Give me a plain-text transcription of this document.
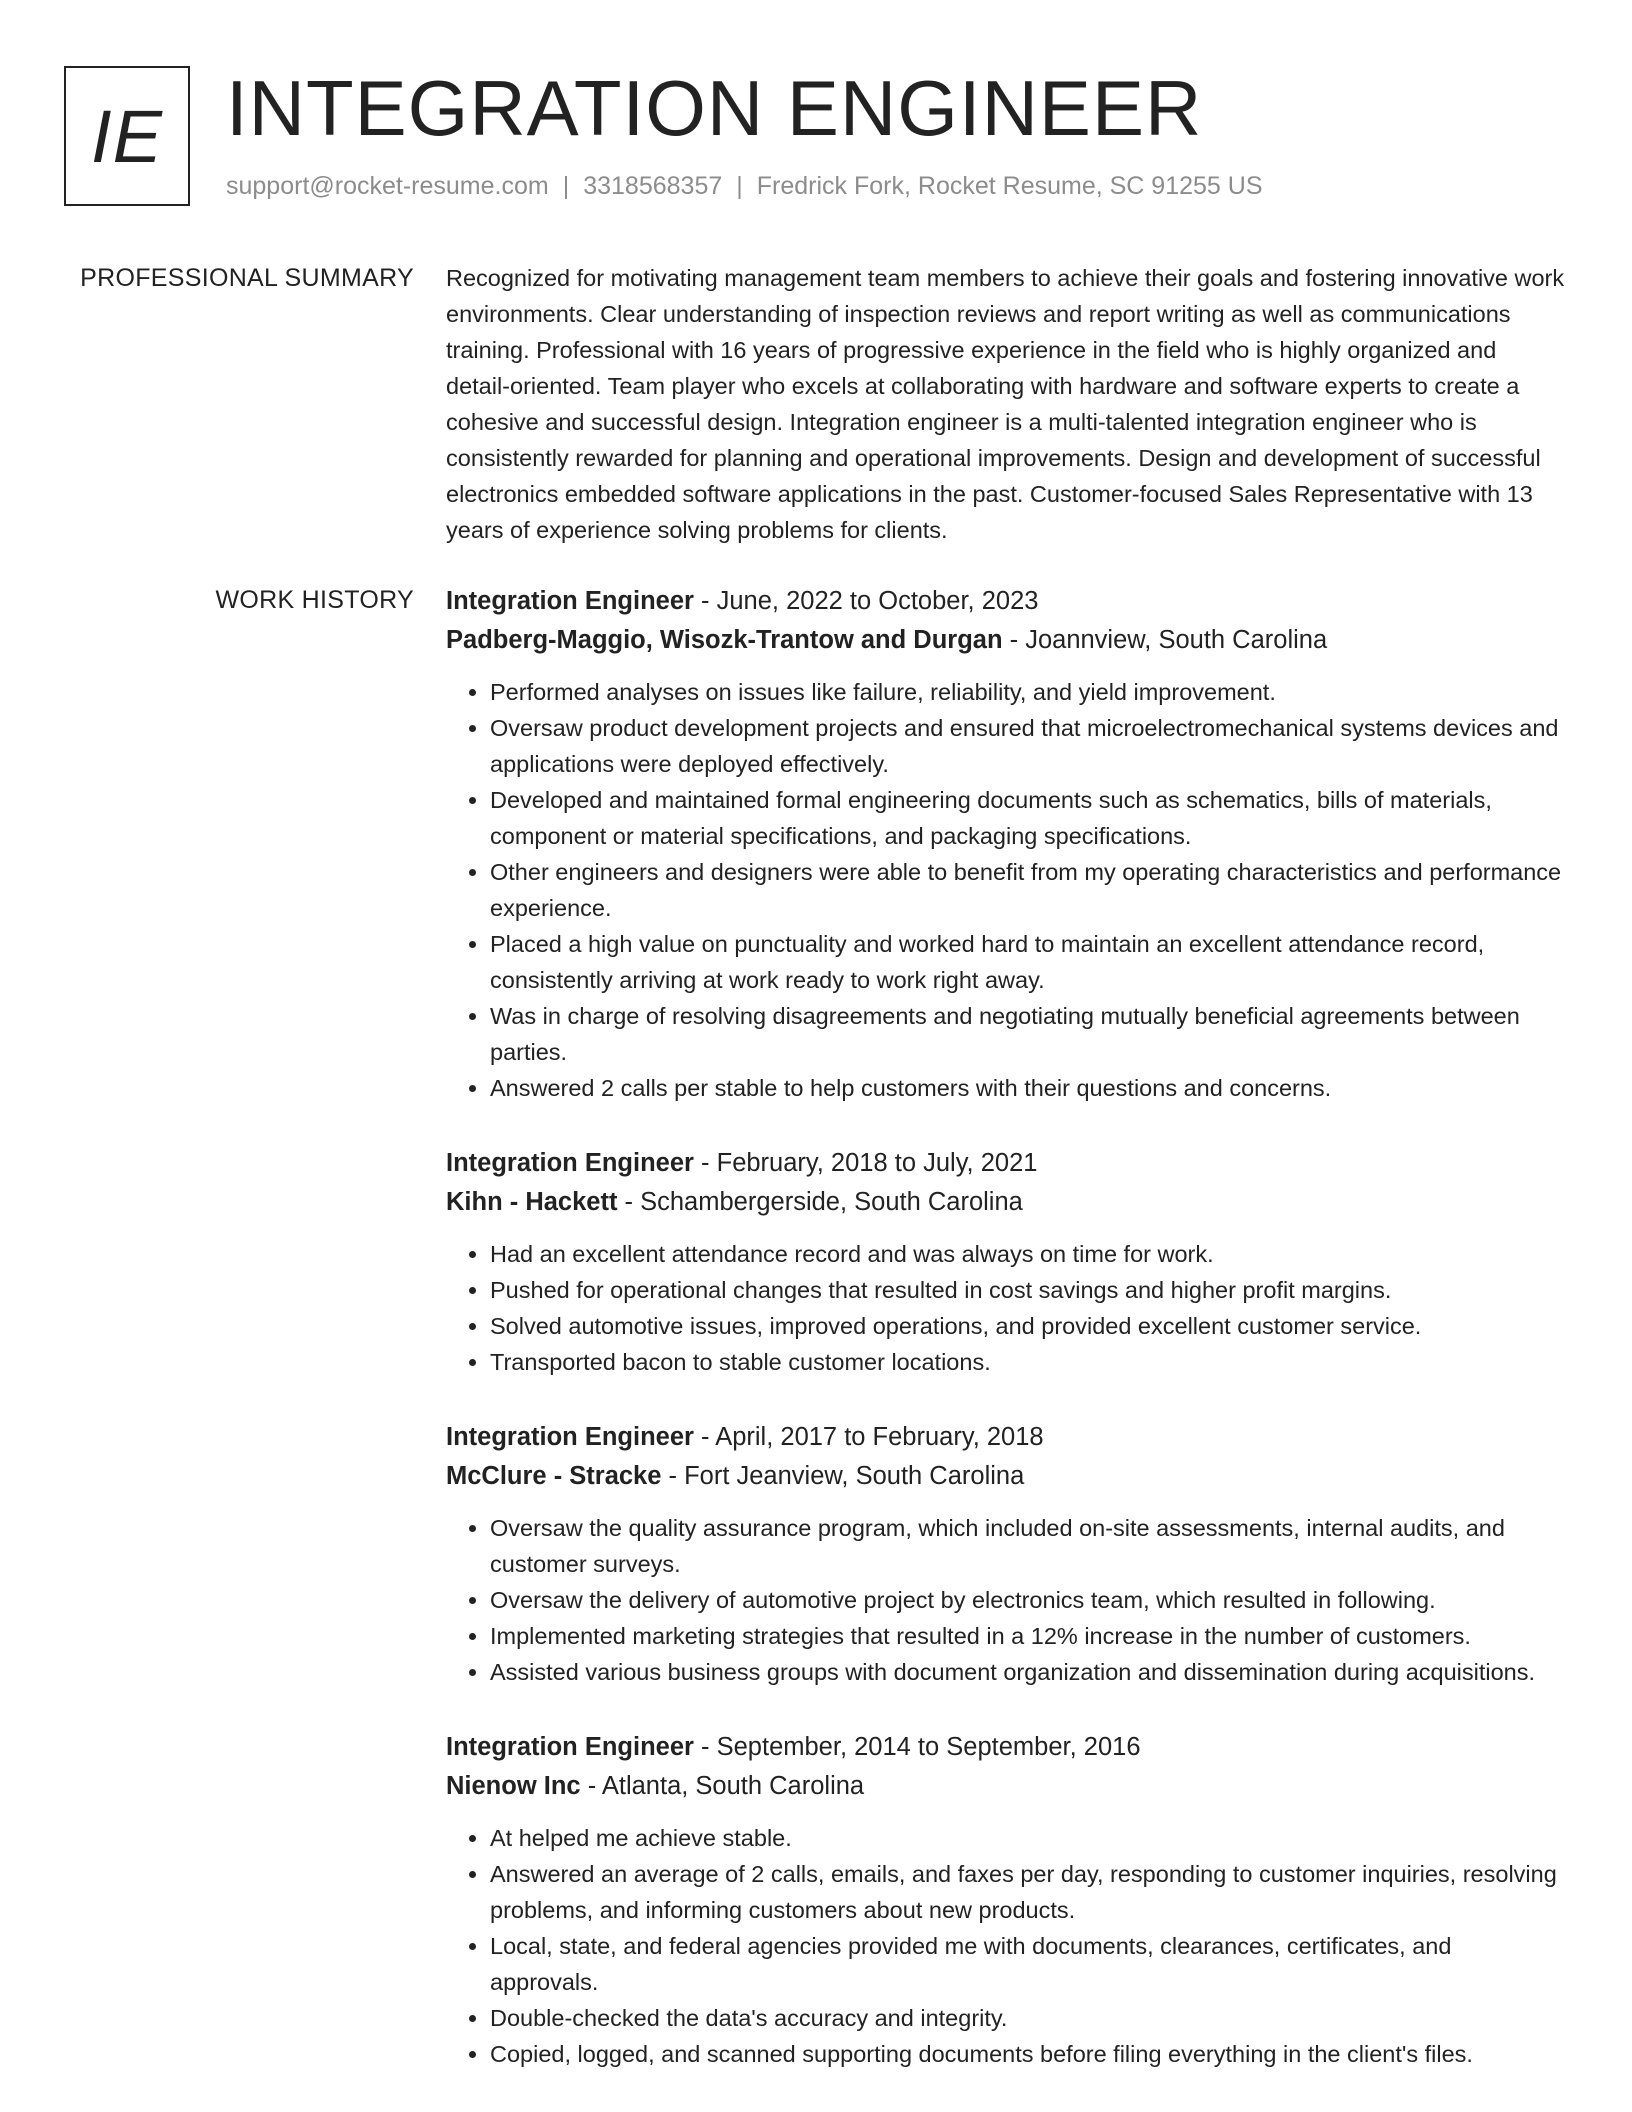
IE INTEGRATION ENGINEER
support@rocket-resume.com | 3318568357 | Fredrick Fork, Rocket Resume, SC 91255 US
PROFESSIONAL SUMMARY Recognized for motivating management team members to achieve their goals and fostering innovative work environments. Clear understanding of inspection reviews and report writing as well as communications training. Professional with 16 years of progressive experience in the field who is highly organized and detail-oriented. Team player who excels at collaborating with hardware and software experts to create a cohesive and successful design. Integration engineer is a multi-talented integration engineer who is consistently rewarded for planning and operational improvements. Design and development of successful electronics embedded software applications in the past. Customer-focused Sales Representative with 13 years of experience solving problems for clients.

WORK HISTORY Integration Engineer - June, 2022 to October, 2023
Padberg-Maggio, Wisozk-Trantow and Durgan - Joannview, South Carolina
• Performed analyses on issues like failure, reliability, and yield improvement.
• Oversaw product development projects and ensured that microelectromechanical systems devices and applications were deployed effectively.
• Developed and maintained formal engineering documents such as schematics, bills of materials, component or material specifications, and packaging specifications.
• Other engineers and designers were able to benefit from my operating characteristics and performance experience.
• Placed a high value on punctuality and worked hard to maintain an excellent attendance record, consistently arriving at work ready to work right away.
• Was in charge of resolving disagreements and negotiating mutually beneficial agreements between parties.
• Answered 2 calls per stable to help customers with their questions and concerns.
Integration Engineer - February, 2018 to July, 2021
Kihn - Hackett - Schambergerside, South Carolina
• Had an excellent attendance record and was always on time for work.
• Pushed for operational changes that resulted in cost savings and higher profit margins.
• Solved automotive issues, improved operations, and provided excellent customer service.
• Transported bacon to stable customer locations.
Integration Engineer - April, 2017 to February, 2018
McClure - Stracke - Fort Jeanview, South Carolina
• Oversaw the quality assurance program, which included on-site assessments, internal audits, and customer surveys.
• Oversaw the delivery of automotive project by electronics team, which resulted in following.
• Implemented marketing strategies that resulted in a 12% increase in the number of customers.
• Assisted various business groups with document organization and dissemination during acquisitions.
Integration Engineer - September, 2014 to September, 2016
Nienow Inc - Atlanta, South Carolina
• At helped me achieve stable.
• Answered an average of 2 calls, emails, and faxes per day, responding to customer inquiries, resolving problems, and informing customers about new products.
• Local, state, and federal agencies provided me with documents, clearances, certificates, and approvals.
• Double-checked the data's accuracy and integrity.
• Copied, logged, and scanned supporting documents before filing everything in the client's files.
